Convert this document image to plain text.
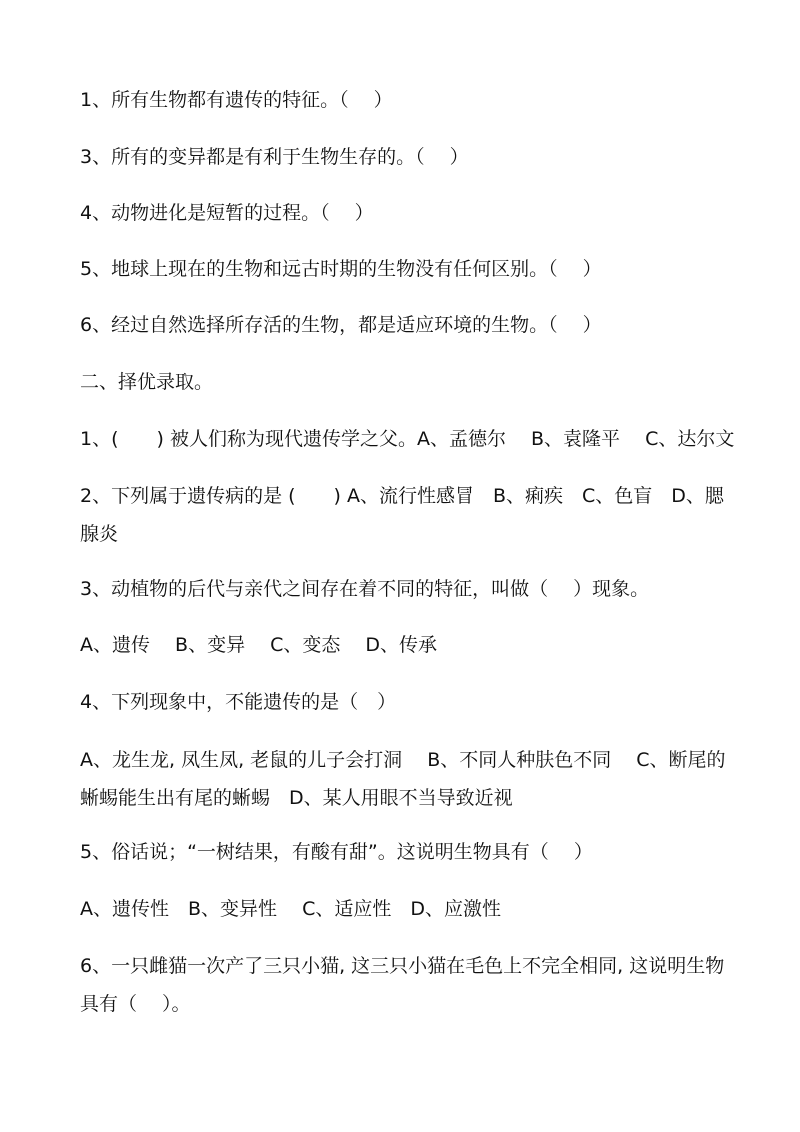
1、所有生物都有遗传的特征。（　 ）
3、所有的变异都是有利于生物生存的。（　 ）
4、动物进化是短暂的过程。（　 ）
5、地球上现在的生物和远古时期的生物没有任何区别。（　 ）
6、经过自然选择所存活的生物，都是适应环境的生物。（　 ）
二、择优录取。
1、(　　) 被人们称为现代遗传学之父。A、孟德尔　 B、袁隆平　 C、达尔文
2、下列属于遗传病的是 (　　) A、流行性感冒　B、痢疾　C、色盲　D、腮腺炎
3、动植物的后代与亲代之间存在着不同的特征，叫做（　 ）现象。
A、遗传　 B、变异　 C、变态　 D、传承
4、下列现象中，不能遗传的是（　）
A、龙生龙, 凤生凤, 老鼠的儿子会打洞　 B、不同人种肤色不同　 C、断尾的蜥蜴能生出有尾的蜥蜴　D、某人用眼不当导致近视
5、俗话说；“一树结果，有酸有甜”。这说明生物具有（　 ）
A、遗传性　B、变异性　 C、适应性　D、应激性
6、一只雌猫一次产了三只小猫, 这三只小猫在毛色上不完全相同, 这说明生物具有（　 ）。
